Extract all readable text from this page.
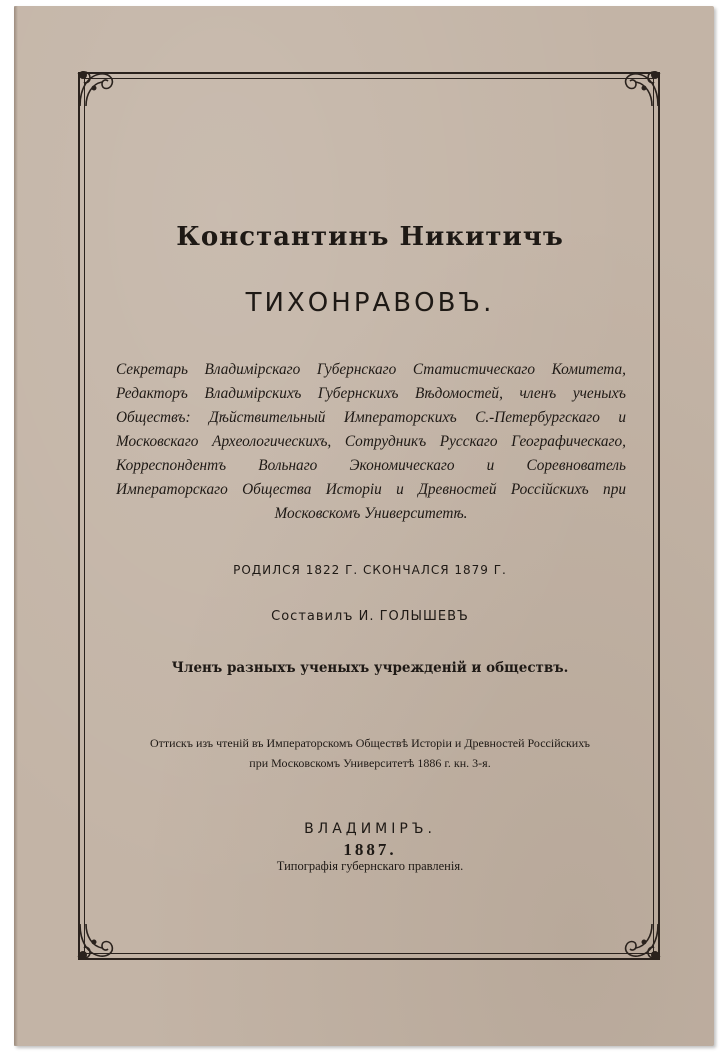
Константинъ Никитичъ
ТИХОНРАВОВЪ.
Секретарь Владимірскаго Губернскаго Статистическаго Комитета, Редакторъ Владимірскихъ Губернскихъ Вѣдомостей, членъ ученыхъ Обществъ: Дѣйствительный Императорскихъ С.-Петербургскаго и Московскаго Археологическихъ, Сотрудникъ Русскаго Географическаго, Корреспондентъ Вольнаго Экономическаго и Соревнователь Императорскаго Общества Исторіи и Древностей Россійскихъ при Московскомъ Университетѣ.
РОДИЛСЯ 1822 Г. СКОНЧАЛСЯ 1879 Г.
Составилъ И. ГОЛЫШЕВЪ
Членъ разныхъ ученыхъ учрежденій и обществъ.
Оттискъ изъ чтеній въ Императорскомъ Обществѣ Исторіи и Древностей Россійскихъ
при Московскомъ Университетѣ 1886 г. кн. 3-я.
ВЛАДИМІРЪ.
1887.
Типографія губернскаго правленія.
